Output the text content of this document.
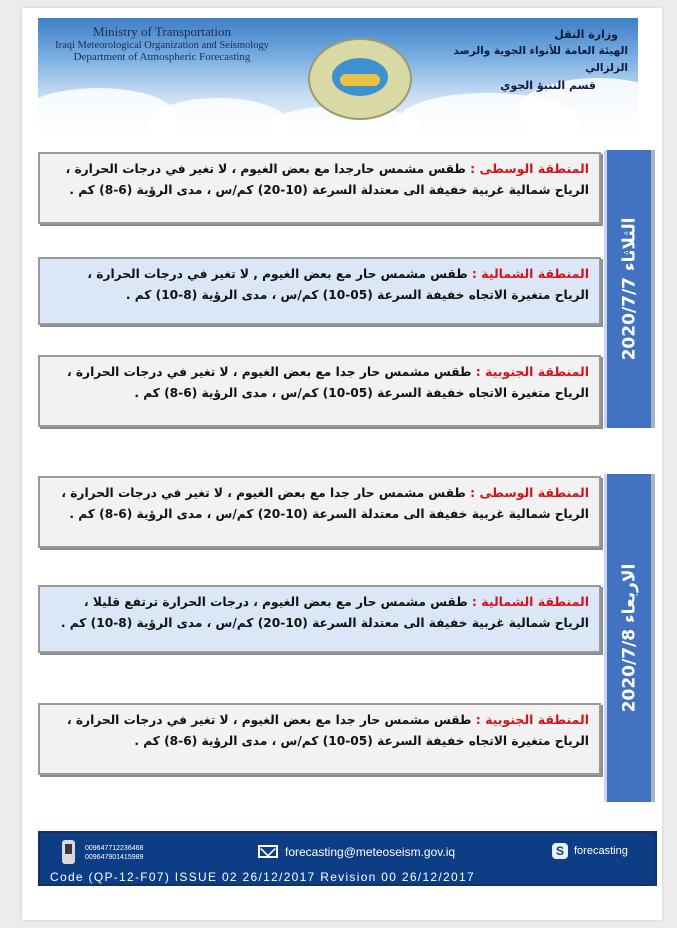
Ministry of Transportation
Iraqi Meteorological Organization and Seismology
Department of Atmospheric Forecasting
وزارة النقل
الهيئة العامة للأنواء الجوية والرصد الزلزالي
قسم التنبؤ الجوي
الثلاثاء 2020/7/7
المنطقة الوسطى : طقس مشمس حارجدا مع بعض الغيوم ، لا تغير في درجات الحرارة ، الرياح شمالية غربية خفيفة الى معتدلة السرعة (10-20) كم/س ، مدى الرؤية (6-8) كم .
المنطقة الشمالية : طقس مشمس حار مع بعض الغيوم , لا تغير في درجات الحرارة ، الرياح متغيرة الاتجاه خفيفة السرعة (05-10) كم/س ، مدى الرؤية (8-10) كم .
المنطقة الجنوبية : طقس مشمس حار جدا مع بعض الغيوم ، لا تغير في درجات الحرارة ، الرياح متغيرة الاتجاه خفيفة السرعة (05-10) كم/س ، مدى الرؤية (6-8) كم .
الاربعاء 2020/7/8
المنطقة الوسطى : طقس مشمس حار جدا مع بعض الغيوم ، لا تغير في درجات الحرارة ، الرياح شمالية غربية خفيفة الى معتدلة السرعة (10-20) كم/س ، مدى الرؤية (6-8) كم .
المنطقة الشمالية : طقس مشمس حار مع بعض الغيوم ، درجات الحرارة ترتفع قليلا ، الرياح شمالية غربية خفيفة الى معتدلة السرعة (10-20) كم/س ، مدى الرؤية (8-10) كم .
المنطقة الجنوبية : طقس مشمس حار جدا مع بعض الغيوم ، لا تغير في درجات الحرارة ، الرياح متغيرة الاتجاه خفيفة السرعة (05-10) كم/س ، مدى الرؤية (6-8) كم .
009647712236468
009647901415989	forecasting@meteoseism.gov.iq	S forecasting
Code (QP-12-F07) ISSUE 02 26/12/2017 Revision 00 26/12/2017
